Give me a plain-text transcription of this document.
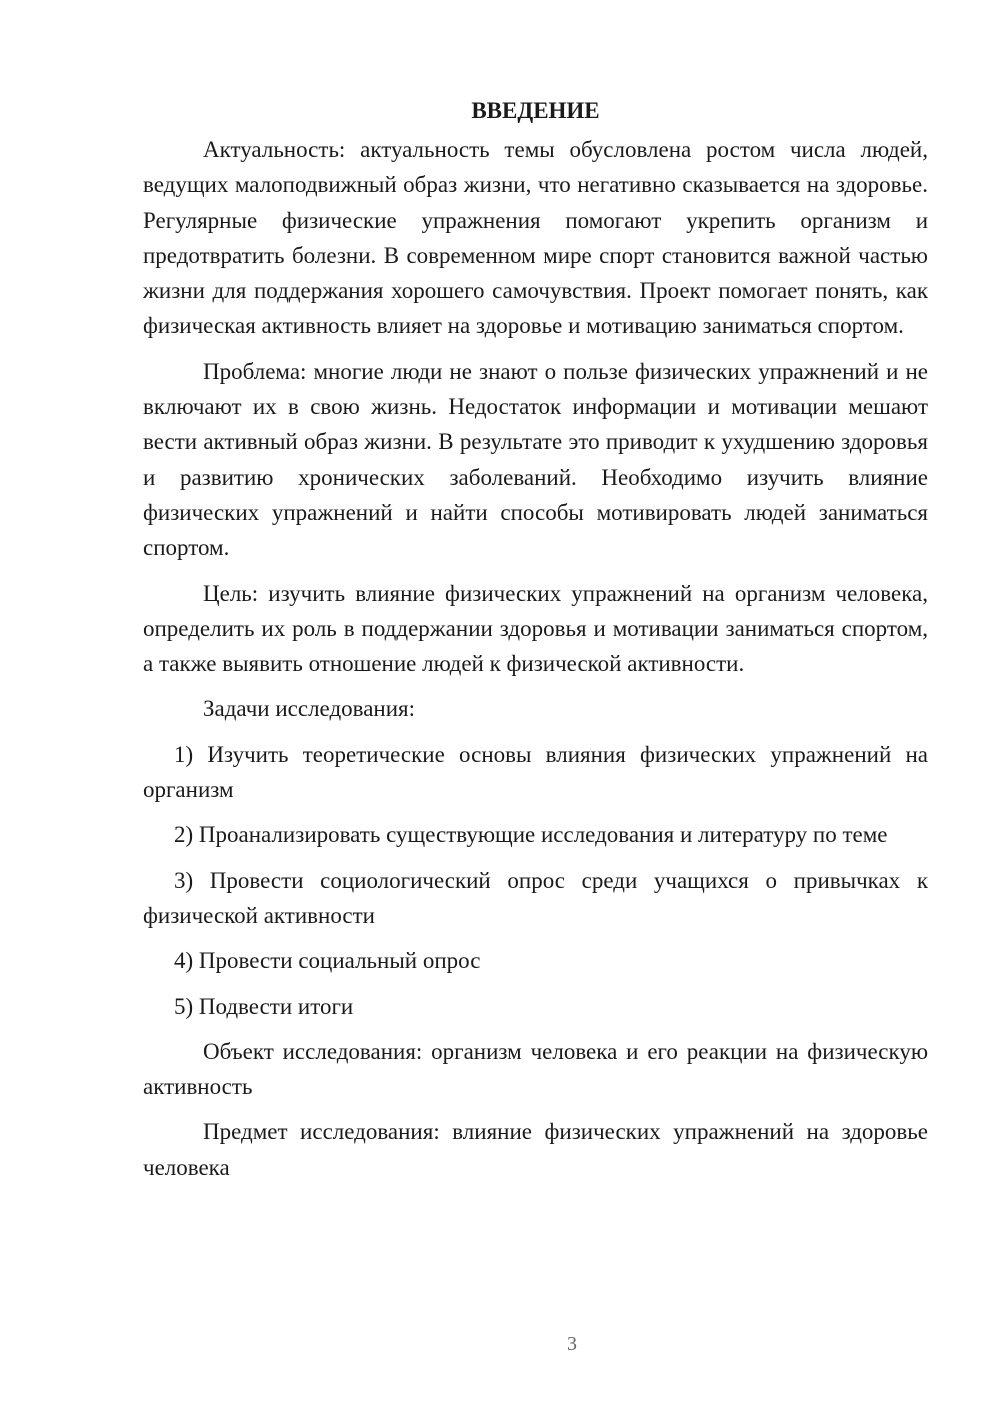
ВВЕДЕНИЕ

Актуальность: актуальность темы обусловлена ростом числа людей, ведущих малоподвижный образ жизни, что негативно сказывается на здоровье. Регулярные физические упражнения помогают укрепить организм и предотвратить болезни. В современном мире спорт становится важной частью жизни для поддержания хорошего самочувствия. Проект помогает понять, как физическая активность влияет на здоровье и мотивацию заниматься спортом.

Проблема: многие люди не знают о пользе физических упражнений и не включают их в свою жизнь. Недостаток информации и мотивации мешают вести активный образ жизни. В результате это приводит к ухудшению здоровья и развитию хронических заболеваний. Необходимо изучить влияние физических упражнений и найти способы мотивировать людей заниматься спортом.

Цель: изучить влияние физических упражнений на организм человека, определить их роль в поддержании здоровья и мотивации заниматься спортом, а также выявить отношение людей к физической активности.

Задачи исследования:

1) Изучить теоретические основы влияния физических упражнений на организм

2) Проанализировать существующие исследования и литературу по теме

3) Провести социологический опрос среди учащихся о привычках к физической активности

4) Провести социальный опрос

5) Подвести итоги

Объект исследования: организм человека и его реакции на физическую активность

Предмет исследования: влияние физических упражнений на здоровье человека

3
